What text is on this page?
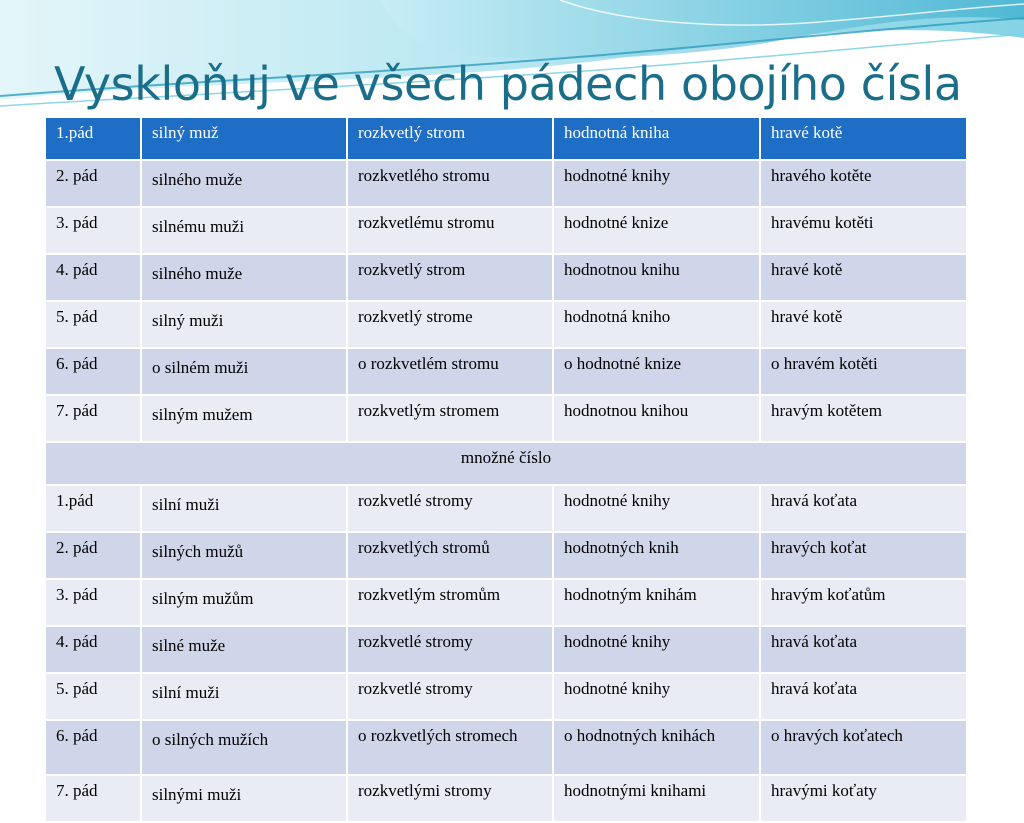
Vyskloňuj ve všech pádech obojího čísla
1.pád	silný muž	rozkvetlý strom	hodnotná kniha	hravé kotě
2. pád	silného muže	rozkvetlého stromu	hodnotné knihy	hravého kotěte
3. pád	silnému muži	rozkvetlému stromu	hodnotné knize	hravému kotěti
4. pád	silného muže	rozkvetlý strom	hodnotnou knihu	hravé kotě
5. pád	silný muži	rozkvetlý strome	hodnotná kniho	hravé kotě
6. pád	o silném muži	o rozkvetlém stromu	o hodnotné knize	o hravém kotěti
7. pád	silným mužem	rozkvetlým stromem	hodnotnou knihou	hravým kotětem
množné číslo				
1.pád	silní muži	rozkvetlé stromy	hodnotné knihy	hravá koťata
2. pád	silných mužů	rozkvetlých stromů	hodnotných knih	hravých koťat
3. pád	silným mužům	rozkvetlým stromům	hodnotným knihám	hravým koťatům
4. pád	silné muže	rozkvetlé stromy	hodnotné knihy	hravá koťata
5. pád	silní muži	rozkvetlé stromy	hodnotné knihy	hravá koťata
6. pád	o silných mužích	o rozkvetlých stromech	o hodnotných knihách	o hravých koťatech
7. pád	silnými muži	rozkvetlými stromy	hodnotnými knihami	hravými koťaty
